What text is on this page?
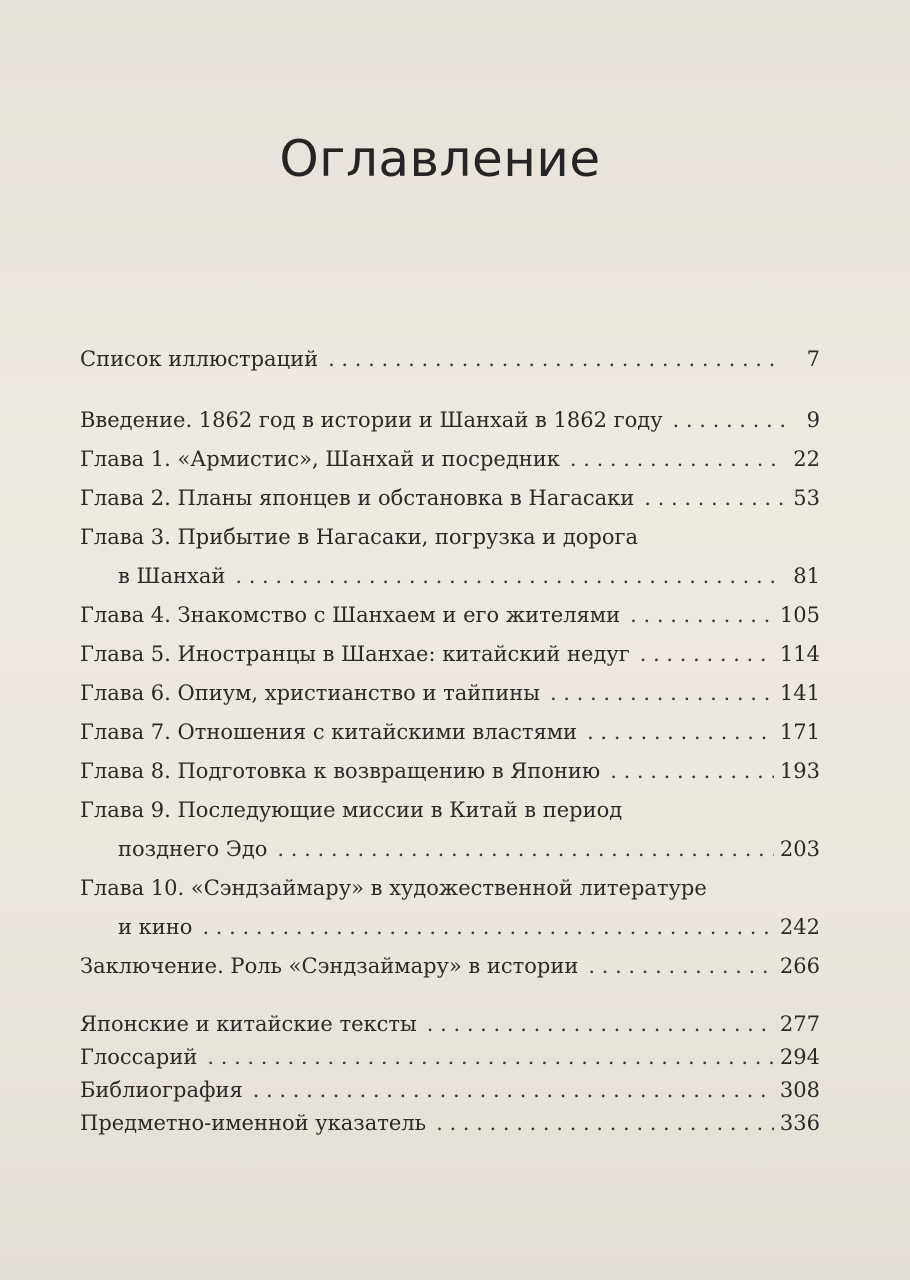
Оглавление
Список иллюстраций . . .	7
Введение. 1862 год в истории и Шанхай в 1862 году . . .	9
Глава 1. «Армистис», Шанхай и посредник . . .	22
Глава 2. Планы японцев и обстановка в Нагасаки . . .	53
Глава 3. Прибытие в Нагасаки, погрузка и дорога
в Шанхай . . .	81
Глава 4. Знакомство с Шанхаем и его жителями . . .	105
Глава 5. Иностранцы в Шанхае: китайский недуг . . .	114
Глава 6. Опиум, христианство и тайпины . . .	141
Глава 7. Отношения с китайскими властями . . .	171
Глава 8. Подготовка к возвращению в Японию . . .	193
Глава 9. Последующие миссии в Китай в период
позднего Эдо . . .	203
Глава 10. «Сэндзаймару» в художественной литературе
и кино . . .	242
Заключение. Роль «Сэндзаймару» в истории . . .	266
Японские и китайские тексты . . .	277
Глоссарий . . .	294
Библиография . . .	308
Предметно-именной указатель . . .	336
